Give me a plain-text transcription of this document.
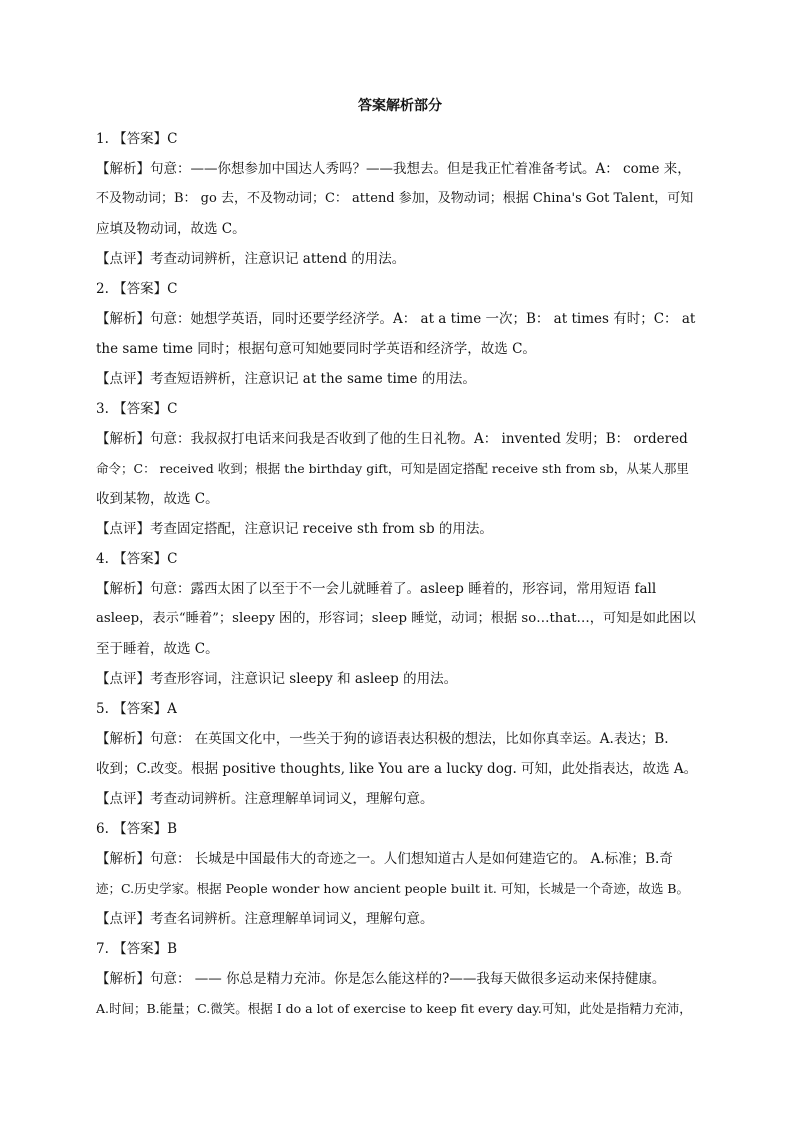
答案解析部分
1. 【答案】C
【解析】句意：——你想参加中国达人秀吗？——我想去。但是我正忙着准备考试。A： come 来，
不及物动词；B： go 去，不及物动词；C： attend 参加，及物动词；根据 China's Got Talent，可知
应填及物动词，故选 C。
【点评】考查动词辨析，注意识记 attend 的用法。
2. 【答案】C
【解析】句意：她想学英语，同时还要学经济学。A： at a time 一次；B： at times 有时；C： at
the same time 同时；根据句意可知她要同时学英语和经济学，故选 C。
【点评】考查短语辨析，注意识记 at the same time 的用法。
3. 【答案】C
【解析】句意：我叔叔打电话来问我是否收到了他的生日礼物。A： invented 发明；B： ordered
命令；C： received 收到；根据 the birthday gift，可知是固定搭配 receive sth from sb，从某人那里
收到某物，故选 C。
【点评】考查固定搭配，注意识记 receive sth from sb 的用法。
4. 【答案】C
【解析】句意：露西太困了以至于不一会儿就睡着了。asleep 睡着的，形容词，常用短语 fall
asleep，表示“睡着”；sleepy 困的，形容词；sleep 睡觉，动词；根据 so…that…，可知是如此困以
至于睡着，故选 C。
【点评】考查形容词，注意识记 sleepy 和 asleep 的用法。
5. 【答案】A
【解析】句意： 在英国文化中，一些关于狗的谚语表达积极的想法，比如你真幸运。A.表达；B.
收到；C.改变。根据 positive thoughts, like You are a lucky dog. 可知，此处指表达，故选 A。
【点评】考查动词辨析。注意理解单词词义，理解句意。
6. 【答案】B
【解析】句意： 长城是中国最伟大的奇迹之一。人们想知道古人是如何建造它的。 A.标准；B.奇
迹；C.历史学家。根据 People wonder how ancient people built it. 可知，长城是一个奇迹，故选 B。
【点评】考查名词辨析。注意理解单词词义，理解句意。
7. 【答案】B
【解析】句意： —— 你总是精力充沛。你是怎么能这样的?——我每天做很多运动来保持健康。
A.时间；B.能量；C.微笑。根据 I do a lot of exercise to keep fit every day.可知，此处是指精力充沛，
